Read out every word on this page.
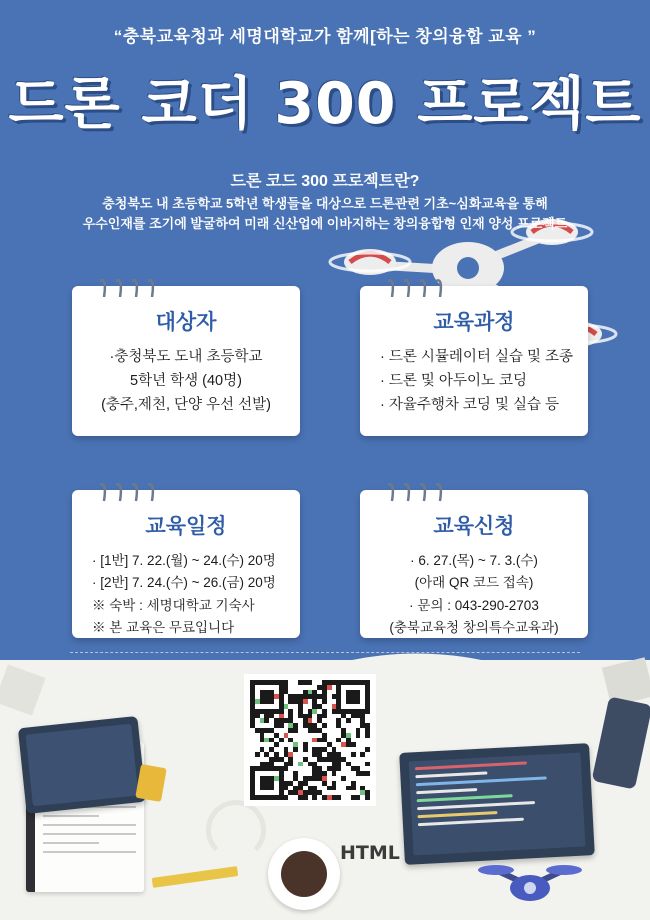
“충북교육청과 세명대학교가 함께[하는 창의융합 교육 ”
드론 코더 300 프로젝트
드론 코드 300 프로젝트란?
충청북도 내 초등학교 5학년 학생들을 대상으로 드론관련 기초~심화교육을 통해
우수인재를 조기에 발굴하여 미래 신산업에 이바지하는 창의융합형 인재 양성 프로젝트
대상자
·충청북도 도내 초등학교
5학년 학생 (40명)
(충주,제천, 단양 우선 선발)
교육과정
· 드론 시뮬레이터 실습 및 조종
· 드론 및 아두이노 코딩
· 자율주행차 코딩 및 실습 등
교육일정
· [1반] 7. 22.(월) ~ 24.(수) 20명
· [2반] 7. 24.(수) ~ 26.(금) 20명
※ 숙박 : 세명대학교 기숙사
※ 본 교육은 무료입니다
교육신청
· 6. 27.(목) ~ 7. 3.(수)
(아래 QR 코드 접속)
· 문의 : 043-290-2703
(충북교육청 창의특수교육과)
HTML
